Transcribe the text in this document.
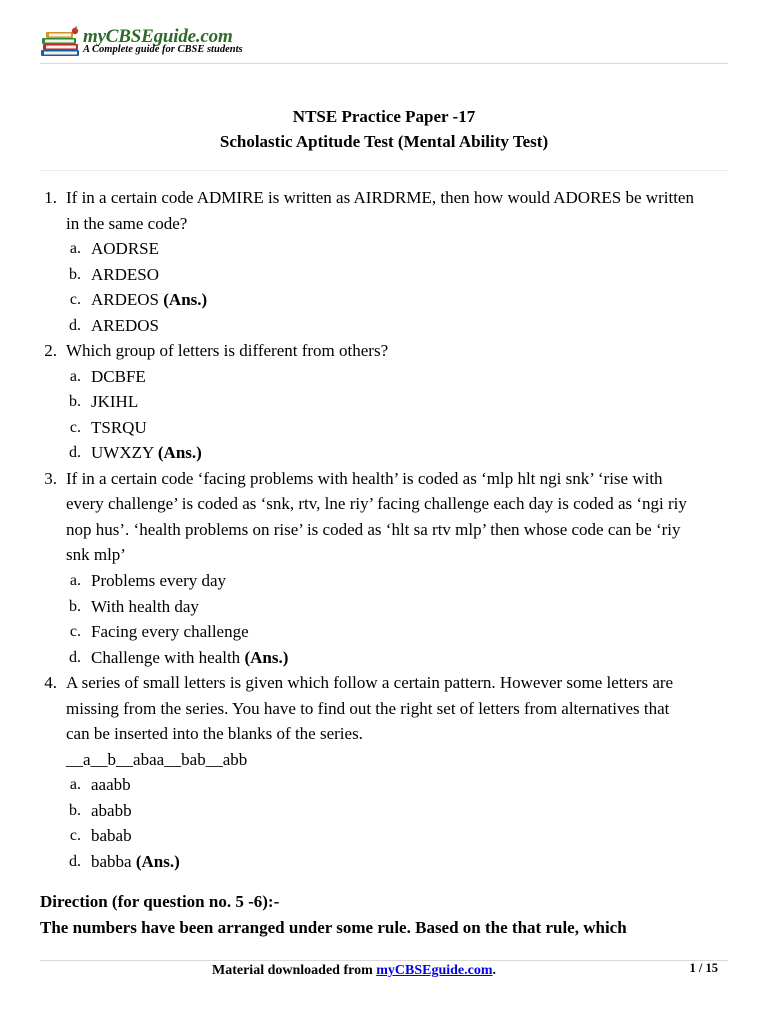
myCBSEguide.com
A Complete guide for CBSE students
NTSE Practice Paper -17
Scholastic Aptitude Test (Mental Ability Test)
1. If in a certain code ADMIRE is written as AIRDRME, then how would ADORES be written
in the same code?
a. AODRSE
b. ARDESO
c. ARDEOS (Ans.)
d. AREDOS
2. Which group of letters is different from others?
a. DCBFE
b. JKIHL
c. TSRQU
d. UWXZY (Ans.)
3. If in a certain code ‘facing problems with health’ is coded as ‘mlp hlt ngi snk’ ‘rise with
every challenge’ is coded as ‘snk, rtv, lne riy’ facing challenge each day is coded as ‘ngi riy
nop hus’. ‘health problems on rise’ is coded as ‘hlt sa rtv mlp’ then whose code can be ‘riy
snk mlp’
a. Problems every day
b. With health day
c. Facing every challenge
d. Challenge with health (Ans.)
4. A series of small letters is given which follow a certain pattern. However some letters are
missing from the series. You have to find out the right set of letters from alternatives that
can be inserted into the blanks of the series.
__a__b__abaa__bab__abb
a. aaabb
b. ababb
c. babab
d. babba (Ans.)
Direction (for question no. 5 -6):-
The numbers have been arranged under some rule. Based on the that rule, which
Material downloaded from myCBSEguide.com.	1 / 15
